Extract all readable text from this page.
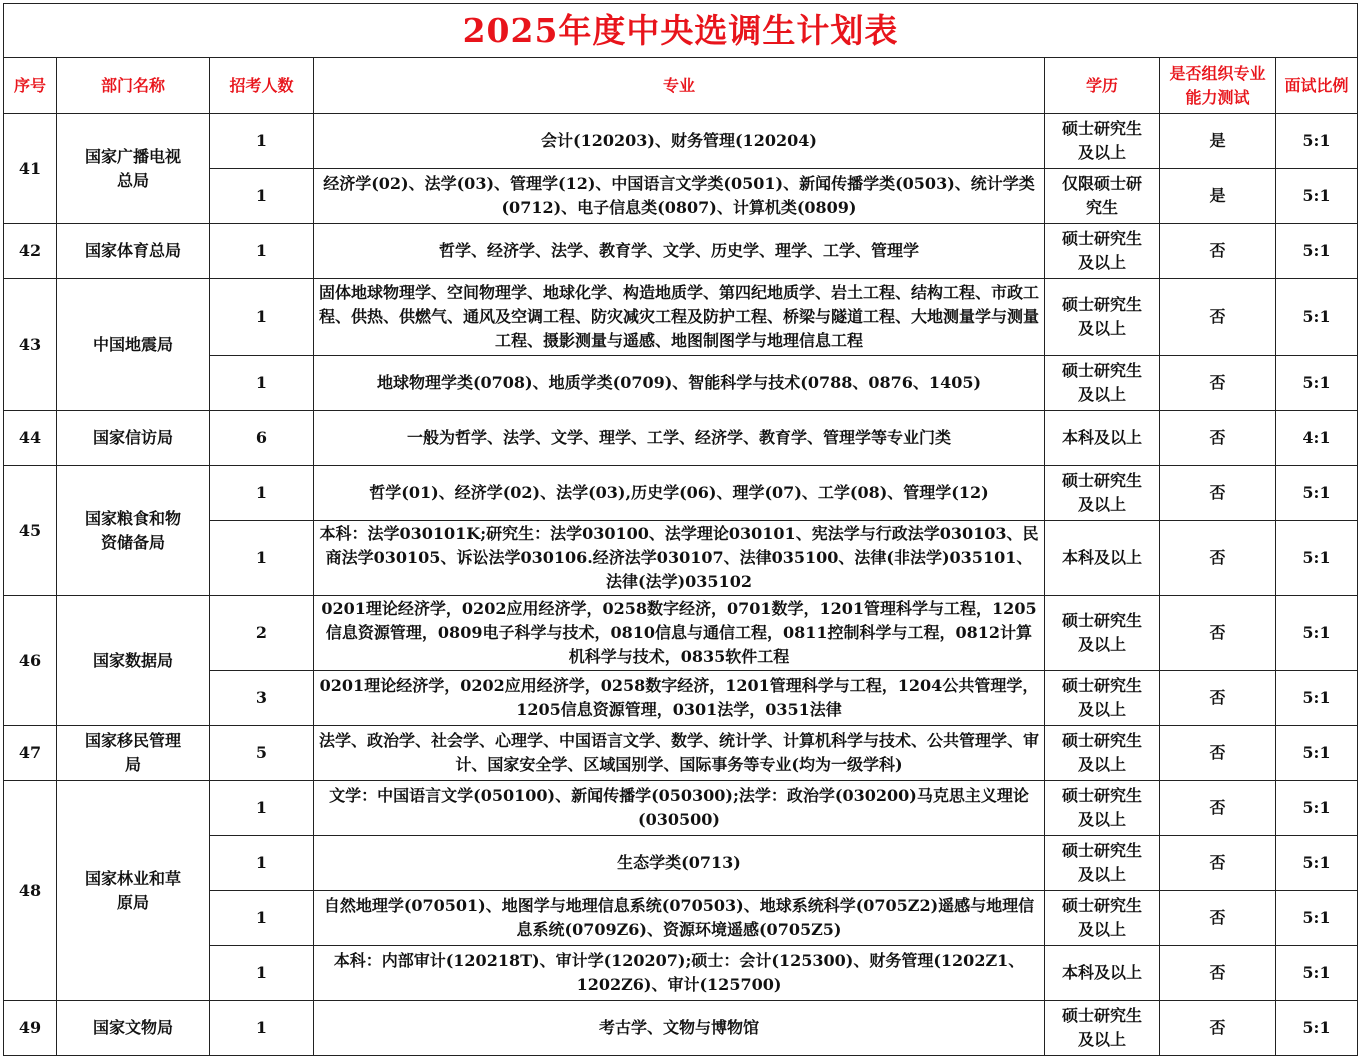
2025年度中央选调生计划表						
序号	部门名称	招考人数	专业	学历	是否组织专业能力测试	面试比例
41	国家广播电视总局	1	会计(120203)、财务管理(120204)	硕士研究生及以上	是	5:1
		1	经济学(02)、法学(03)、管理学(12)、中国语言文学类(0501)、新闻传播学类(0503)、统计学类(0712)、电子信息类(0807)、计算机类(0809)	仅限硕士研究生	是	5:1
42	国家体育总局	1	哲学、经济学、法学、教育学、文学、历史学、理学、工学、管理学	硕士研究生及以上	否	5:1
43	中国地震局	1	固体地球物理学、空间物理学、地球化学、构造地质学、第四纪地质学、岩土工程、结构工程、市政工程、供热、供燃气、通风及空调工程、防灾减灾工程及防护工程、桥梁与隧道工程、大地测量学与测量工程、摄影测量与遥感、地图制图学与地理信息工程	硕士研究生及以上	否	5:1
		1	地球物理学类(0708)、地质学类(0709)、智能科学与技术(0788、0876、1405)	硕士研究生及以上	否	5:1
44	国家信访局	6	一般为哲学、法学、文学、理学、工学、经济学、教育学、管理学等专业门类	本科及以上	否	4:1
45	国家粮食和物资储备局	1	哲学(01)、经济学(02)、法学(03),历史学(06)、理学(07)、工学(08)、管理学(12)	硕士研究生及以上	否	5:1
		1	本科：法学030101K;研究生：法学030100、法学理论030101、宪法学与行政法学030103、民商法学030105、诉讼法学030106.经济法学030107、法律035100、法律(非法学)035101、法律(法学)035102	本科及以上	否	5:1
46	国家数据局	2	0201理论经济学，0202应用经济学，0258数字经济，0701数学，1201管理科学与工程，1205信息资源管理，0809电子科学与技术，0810信息与通信工程，0811控制科学与工程，0812计算机科学与技术，0835软件工程	硕士研究生及以上	否	5:1
		3	0201理论经济学，0202应用经济学，0258数字经济，1201管理科学与工程，1204公共管理学，1205信息资源管理，0301法学，0351法律	硕士研究生及以上	否	5:1
47	国家移民管理局	5	法学、政治学、社会学、心理学、中国语言文学、数学、统计学、计算机科学与技术、公共管理学、审计、国家安全学、区域国别学、国际事务等专业(均为一级学科)	硕士研究生及以上	否	5:1
48	国家林业和草原局	1	文学：中国语言文学(050100)、新闻传播学(050300);法学：政治学(030200)马克思主义理论(030500)	硕士研究生及以上	否	5:1
		1	生态学类(0713)	硕士研究生及以上	否	5:1
		1	自然地理学(070501)、地图学与地理信息系统(070503)、地球系统科学(0705Z2)遥感与地理信息系统(0709Z6)、资源环境遥感(0705Z5)	硕士研究生及以上	否	5:1
		1	本科：内部审计(120218T)、审计学(120207);硕士：会计(125300)、财务管理(1202Z1、1202Z6)、审计(125700)	本科及以上	否	5:1
49	国家文物局	1	考古学、文物与博物馆	硕士研究生及以上	否	5:1
